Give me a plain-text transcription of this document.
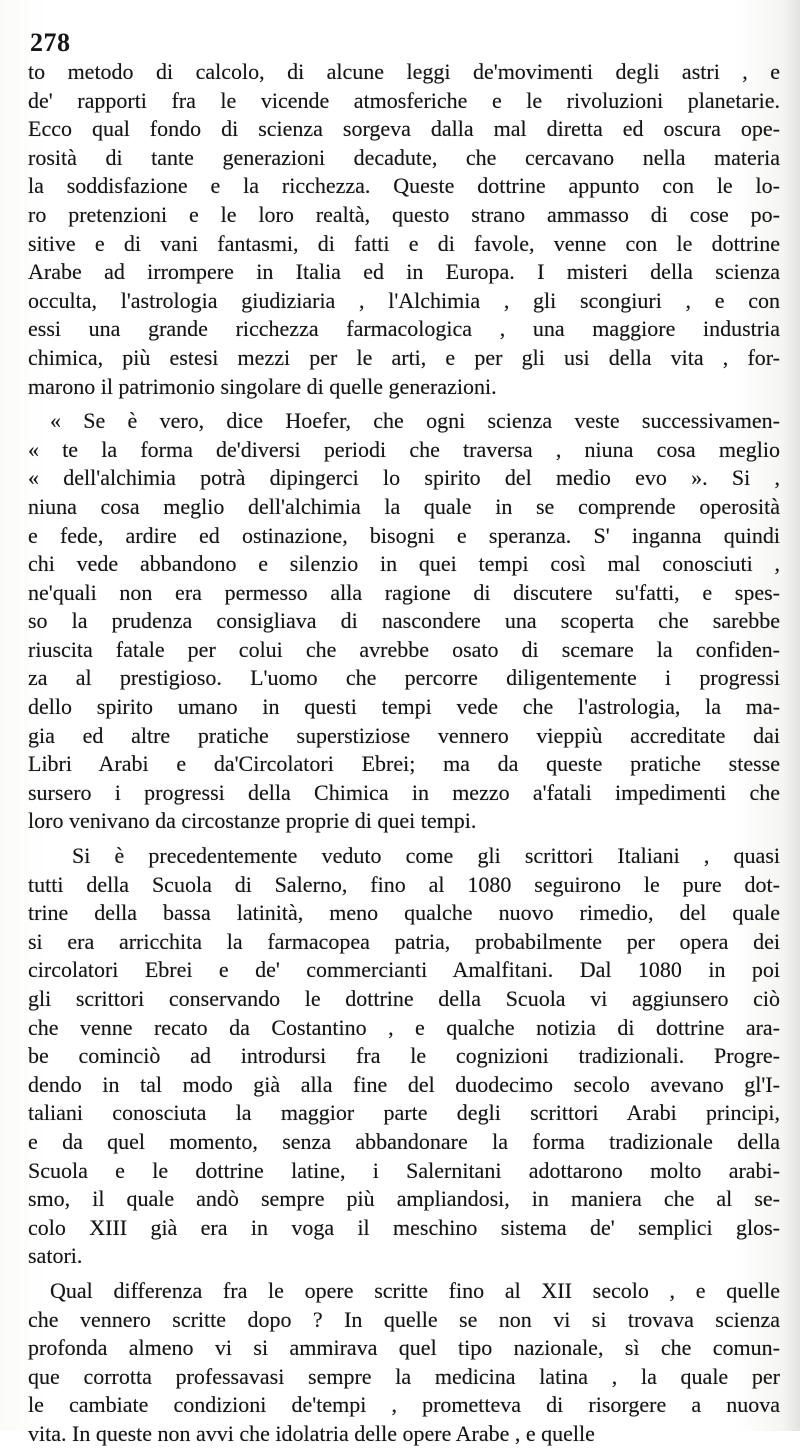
278
to metodo di calcolo, di alcune leggi de'movimenti degli astri , e
de' rapporti fra le vicende atmosferiche e le rivoluzioni planetarie.
Ecco qual fondo di scienza sorgeva dalla mal diretta ed oscura ope-
rosità di tante generazioni decadute, che cercavano nella materia
la soddisfazione e la ricchezza. Queste dottrine appunto con le lo-
ro pretenzioni e le loro realtà, questo strano ammasso di cose po-
sitive e di vani fantasmi, di fatti e di favole, venne con le dottrine
Arabe ad irrompere in Italia ed in Europa. I misteri della scienza
occulta, l'astrologia giudiziaria , l'Alchimia , gli scongiuri , e con
essi una grande ricchezza farmacologica , una maggiore industria
chimica, più estesi mezzi per le arti, e per gli usi della vita , for-
marono il patrimonio singolare di quelle generazioni.
« Se è vero, dice Hoefer, che ogni scienza veste successivamen-
« te la forma de'diversi periodi che traversa , niuna cosa meglio
« dell'alchimia potrà dipingerci lo spirito del medio evo ». Si ,
niuna cosa meglio dell'alchimia la quale in se comprende operosità
e fede, ardire ed ostinazione, bisogni e speranza. S' inganna quindi
chi vede abbandono e silenzio in quei tempi così mal conosciuti ,
ne'quali non era permesso alla ragione di discutere su'fatti, e spes-
so la prudenza consigliava di nascondere una scoperta che sarebbe
riuscita fatale per colui che avrebbe osato di scemare la confiden-
za al prestigioso. L'uomo che percorre diligentemente i progressi
dello spirito umano in questi tempi vede che l'astrologia, la ma-
gia ed altre pratiche superstiziose vennero vieppiù accreditate dai
Libri Arabi e da'Circolatori Ebrei; ma da queste pratiche stesse
sursero i progressi della Chimica in mezzo a'fatali impedimenti che
loro venivano da circostanze proprie di quei tempi.
Si è precedentemente veduto come gli scrittori Italiani , quasi
tutti della Scuola di Salerno, fino al 1080 seguirono le pure dot-
trine della bassa latinità, meno qualche nuovo rimedio, del quale
si era arricchita la farmacopea patria, probabilmente per opera dei
circolatori Ebrei e de' commercianti Amalfitani. Dal 1080 in poi
gli scrittori conservando le dottrine della Scuola vi aggiunsero ciò
che venne recato da Costantino , e qualche notizia di dottrine ara-
be cominciò ad introdursi fra le cognizioni tradizionali. Progre-
dendo in tal modo già alla fine del duodecimo secolo avevano gl'I-
taliani conosciuta la maggior parte degli scrittori Arabi principi,
e da quel momento, senza abbandonare la forma tradizionale della
Scuola e le dottrine latine, i Salernitani adottarono molto arabi-
smo, il quale andò sempre più ampliandosi, in maniera che al se-
colo XIII già era in voga il meschino sistema de' semplici glos-
satori.
Qual differenza fra le opere scritte fino al XII secolo , e quelle
che vennero scritte dopo ? In quelle se non vi si trovava scienza
profonda almeno vi si ammirava quel tipo nazionale, sì che comun-
que corrotta professavasi sempre la medicina latina , la quale per
le cambiate condizioni de'tempi , prometteva di risorgere a nuova
vita. In queste non avvi che idolatria delle opere Arabe , e quelle
